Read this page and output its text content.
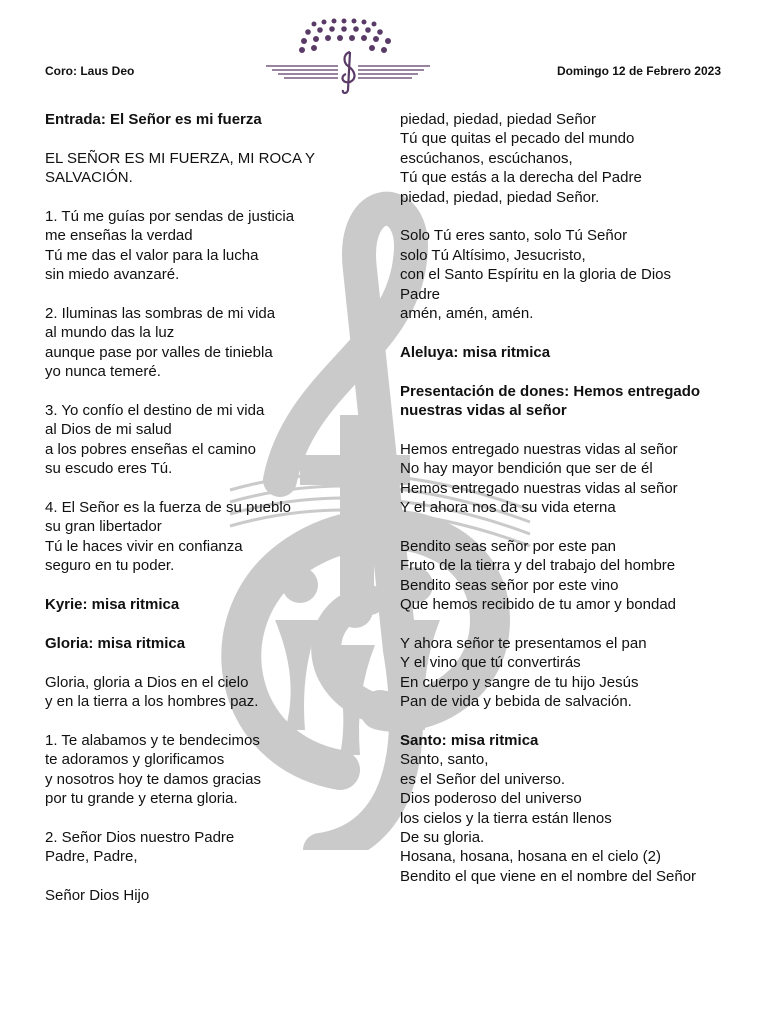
Coro: Laus Deo	Domingo 12 de Febrero 2023
Entrada: El Señor es mi fuerza
EL SEÑOR ES MI FUERZA, MI ROCA Y
SALVACIÓN.
1. Tú me guías por sendas de justicia
me enseñas la verdad
Tú me das el valor para la lucha
sin miedo avanzaré.
2. Iluminas las sombras de mi vida
al mundo das la luz
aunque pase por valles de tiniebla
yo nunca temeré.
3. Yo confío el destino de mi vida
al Dios de mi salud
a los pobres enseñas el camino
su escudo eres Tú.
4. El Señor es la fuerza de su pueblo
su gran libertador
Tú le haces vivir en confianza
seguro en tu poder.
Kyrie: misa ritmica
Gloria: misa ritmica
Gloria, gloria a Dios en el cielo
y en la tierra a los hombres paz.
1. Te alabamos y te bendecimos
te adoramos y glorificamos
y nosotros hoy te damos gracias
por tu grande y eterna gloria.
2. Señor Dios nuestro Padre
Padre, Padre,
Señor Dios Hijo
piedad, piedad, piedad Señor
Tú que quitas el pecado del mundo
escúchanos, escúchanos,
Tú que estás a la derecha del Padre
piedad, piedad, piedad Señor.
Solo Tú eres santo, solo Tú Señor
solo Tú Altísimo, Jesucristo,
con el Santo Espíritu en la gloria de Dios
Padre
amén, amén, amén.
Aleluya: misa ritmica
Presentación de dones: Hemos entregado
nuestras vidas al señor
Hemos entregado nuestras vidas al señor
No hay mayor bendición que ser de él
Hemos entregado nuestras vidas al señor
Y el ahora nos da su vida eterna
Bendito seas señor por este pan
Fruto de la tierra y del trabajo del hombre
Bendito seas señor por este vino
Que hemos recibido de tu amor y bondad
Y ahora señor te presentamos el pan
Y el vino que tú convertirás
En cuerpo y sangre de tu hijo Jesús
Pan de vida y bebida de salvación.
Santo: misa ritmica
Santo, santo,
es el Señor del universo.
Dios poderoso del universo
los cielos y la tierra están llenos
De su gloria.
Hosana, hosana, hosana en el cielo (2)
Bendito el que viene en el nombre del Señor
